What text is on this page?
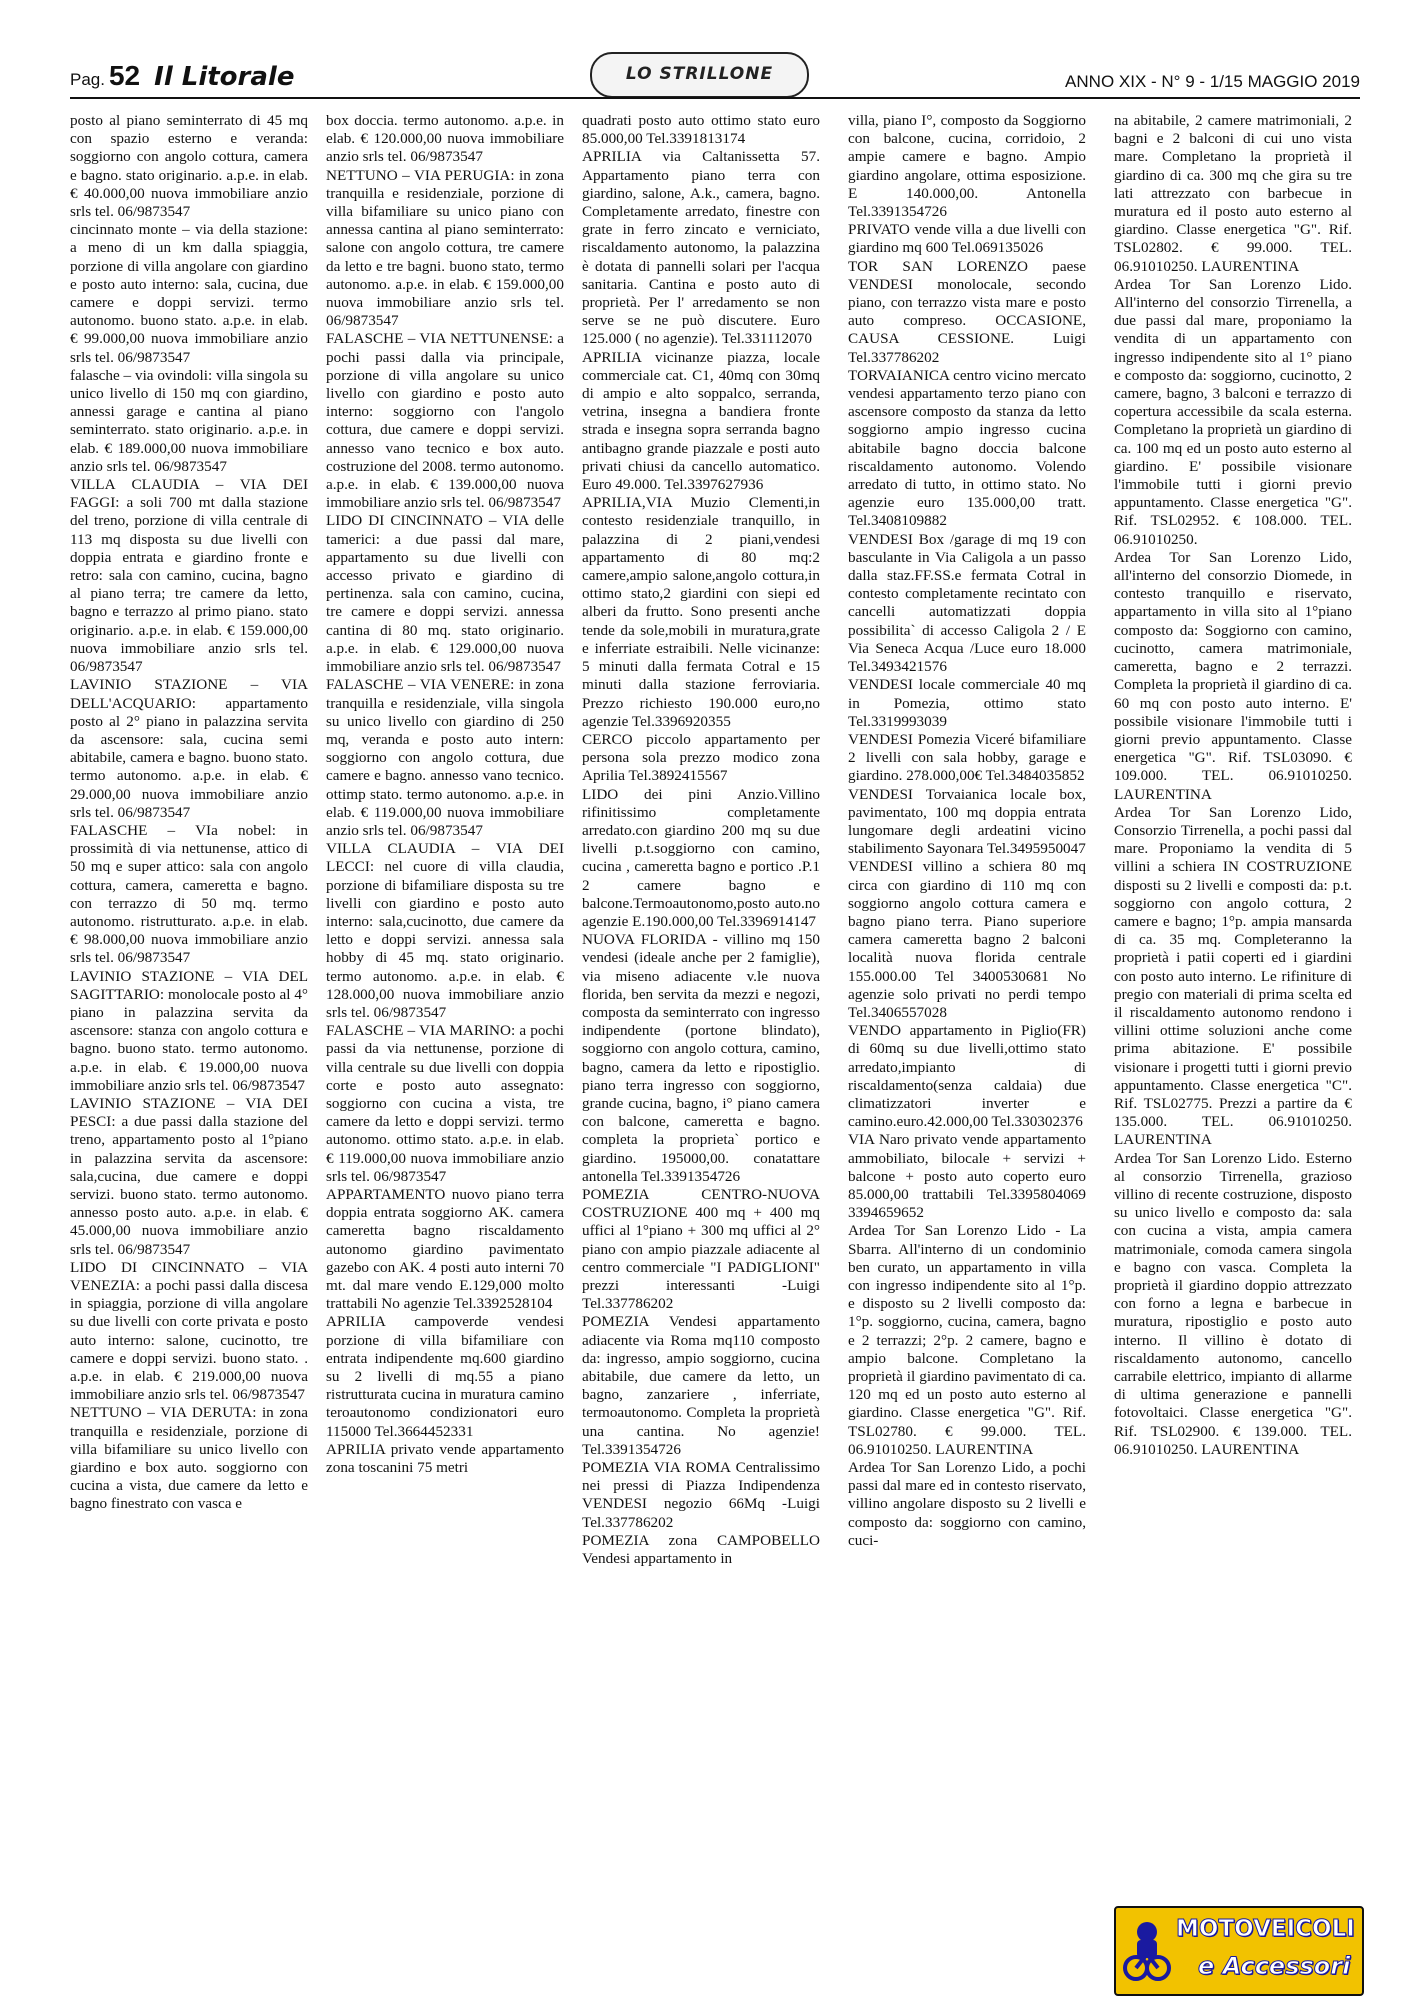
Pag. 52 Il Litorale	LO STRILLONE	ANNO XIX - N° 9 - 1/15 MAGGIO 2019

posto al piano seminterrato di 45 mq con spazio esterno e veranda: soggiorno con angolo cottura, camera e bagno. stato originario. a.p.e. in elab. € 40.000,00 nuova immobiliare anzio srls tel. 06/9873547

cincinnato monte – via della stazione: a meno di un km dalla spiaggia, porzione di villa angolare con giardino e posto auto interno: sala, cucina, due camere e doppi servizi. termo autonomo. buono stato. a.p.e. in elab. € 99.000,00 nuova immobiliare anzio srls tel. 06/9873547

falasche – via ovindoli: villa singola su unico livello di 150 mq con giardino, annessi garage e cantina al piano seminterrato. stato originario. a.p.e. in elab. € 189.000,00 nuova immobiliare anzio srls tel. 06/9873547

VILLA CLAUDIA – VIA DEI FAGGI: a soli 700 mt dalla stazione del treno, porzione di villa centrale di 113 mq disposta su due livelli con doppia entrata e giardino fronte e retro: sala con camino, cucina, bagno al piano terra; tre camere da letto, bagno e terrazzo al primo piano. stato originario. a.p.e. in elab. € 159.000,00 nuova immobiliare anzio srls tel. 06/9873547

LAVINIO STAZIONE – VIA DELL'ACQUARIO: appartamento posto al 2° piano in palazzina servita da ascensore: sala, cucina semi abitabile, camera e bagno. buono stato. termo autonomo. a.p.e. in elab. € 29.000,00 nuova immobiliare anzio srls tel. 06/9873547

FALASCHE – VIa nobel: in prossimità di via nettunense, attico di 50 mq e super attico: sala con angolo cottura, camera, cameretta e bagno. con terrazzo di 50 mq. termo autonomo. ristrutturato. a.p.e. in elab. € 98.000,00 nuova immobiliare anzio srls tel. 06/9873547

LAVINIO STAZIONE – VIA DEL SAGITTARIO: monolocale posto al 4° piano in palazzina servita da ascensore: stanza con angolo cottura e bagno. buono stato. termo autonomo. a.p.e. in elab. € 19.000,00 nuova immobiliare anzio srls tel. 06/9873547

LAVINIO STAZIONE – VIA DEI PESCI: a due passi dalla stazione del treno, appartamento posto al 1°piano in palazzina servita da ascensore: sala,cucina, due camere e doppi servizi. buono stato. termo autonomo. annesso posto auto. a.p.e. in elab. € 45.000,00 nuova immobiliare anzio srls tel. 06/9873547

LIDO DI CINCINNATO – VIA VENEZIA: a pochi passi dalla discesa in spiaggia, porzione di villa angolare su due livelli con corte privata e posto auto interno: salone, cucinotto, tre camere e doppi servizi. buono stato. . a.p.e. in elab. € 219.000,00 nuova immobiliare anzio srls tel. 06/9873547

NETTUNO – VIA DERUTA: in zona tranquilla e residenziale, porzione di villa bifamiliare su unico livello con giardino e box auto. soggiorno con cucina a vista, due camere da letto e bagno finestrato con vasca e

box doccia. termo autonomo. a.p.e. in elab. € 120.000,00 nuova immobiliare anzio srls tel. 06/9873547

NETTUNO – VIA PERUGIA: in zona tranquilla e residenziale, porzione di villa bifamiliare su unico piano con annessa cantina al piano seminterrato: salone con angolo cottura, tre camere da letto e tre bagni. buono stato, termo autonomo. a.p.e. in elab. € 159.000,00 nuova immobiliare anzio srls tel. 06/9873547

FALASCHE – VIA NETTUNENSE: a pochi passi dalla via principale, porzione di villa angolare su unico livello con giardino e posto auto interno: soggiorno con l'angolo cottura, due camere e doppi servizi. annesso vano tecnico e box auto. costruzione del 2008. termo autonomo. a.p.e. in elab. € 139.000,00 nuova immobiliare anzio srls tel. 06/9873547

LIDO DI CINCINNATO – VIA delle tamerici: a due passi dal mare, appartamento su due livelli con accesso privato e giardino di pertinenza. sala con camino, cucina, tre camere e doppi servizi. annessa cantina di 80 mq. stato originario. a.p.e. in elab. € 129.000,00 nuova immobiliare anzio srls tel. 06/9873547

FALASCHE – VIA VENERE: in zona tranquilla e residenziale, villa singola su unico livello con giardino di 250 mq, veranda e posto auto intern: soggiorno con angolo cottura, due camere e bagno. annesso vano tecnico. ottimp stato. termo autonomo. a.p.e. in elab. € 119.000,00 nuova immobiliare anzio srls tel. 06/9873547

VILLA CLAUDIA – VIA DEI LECCI: nel cuore di villa claudia, porzione di bifamiliare disposta su tre livelli con giardino e posto auto interno: sala,cucinotto, due camere da letto e doppi servizi. annessa sala hobby di 45 mq. stato originario. termo autonomo. a.p.e. in elab. € 128.000,00 nuova immobiliare anzio srls tel. 06/9873547

FALASCHE – VIA MARINO: a pochi passi da via nettunense, porzione di villa centrale su due livelli con doppia corte e posto auto assegnato: soggiorno con cucina a vista, tre camere da letto e doppi servizi. termo autonomo. ottimo stato. a.p.e. in elab. € 119.000,00 nuova immobiliare anzio srls tel. 06/9873547

APPARTAMENTO nuovo piano terra doppia entrata soggiorno AK. camera cameretta bagno riscaldamento autonomo giardino pavimentato gazebo con AK. 4 posti auto interni 70 mt. dal mare vendo E.129,000 molto trattabili No agenzie Tel.3392528104

APRILIA campoverde vendesi porzione di villa bifamiliare con entrata indipendente mq.600 giardino su 2 livelli di mq.55 a piano ristrutturata cucina in muratura camino teroautonomo condizionatori euro 115000 Tel.3664452331

APRILIA privato vende appartamento zona toscanini 75 metri

quadrati posto auto ottimo stato euro 85.000,00 Tel.3391813174

APRILIA via Caltanissetta 57. Appartamento piano terra con giardino, salone, A.k., camera, bagno. Completamente arredato, finestre con grate in ferro zincato e verniciato, riscaldamento autonomo, la palazzina è dotata di pannelli solari per l'acqua sanitaria. Cantina e posto auto di proprietà. Per l' arredamento se non serve se ne può discutere. Euro 125.000 ( no agenzie). Tel.331112070

APRILIA vicinanze piazza, locale commerciale cat. C1, 40mq con 30mq di ampio e alto soppalco, serranda, vetrina, insegna a bandiera fronte strada e insegna sopra serranda bagno antibagno grande piazzale e posti auto privati chiusi da cancello automatico. Euro 49.000. Tel.3397627936

APRILIA,VIA Muzio Clementi,in contesto residenziale tranquillo, in palazzina di 2 piani,vendesi appartamento di 80 mq:2 camere,ampio salone,angolo cottura,in ottimo stato,2 giardini con siepi ed alberi da frutto. Sono presenti anche tende da sole,mobili in muratura,grate e inferriate estraibili. Nelle vicinanze: 5 minuti dalla fermata Cotral e 15 minuti dalla stazione ferroviaria. Prezzo richiesto 190.000 euro,no agenzie Tel.3396920355

CERCO piccolo appartamento per persona sola prezzo modico zona Aprilia Tel.3892415567

LIDO dei pini Anzio.Villino rifinitissimo completamente arredato.con giardino 200 mq su due livelli p.t.soggiorno con camino, cucina , cameretta bagno e portico .P.1 2 camere bagno e balcone.Termoautonomo,posto auto.no agenzie E.190.000,00 Tel.3396914147

NUOVA FLORIDA - villino mq 150 vendesi (ideale anche per 2 famiglie), via miseno adiacente v.le nuova florida, ben servita da mezzi e negozi, composta da seminterrato con ingresso indipendente (portone blindato), soggiorno con angolo cottura, camino, bagno, camera da letto e ripostiglio. piano terra ingresso con soggiorno, grande cucina, bagno, i° piano camera con balcone, cameretta e bagno. completa la proprieta` portico e giardino. 195000,00. conatattare antonella Tel.3391354726

POMEZIA CENTRO-NUOVA COSTRUZIONE 400 mq + 400 mq uffici al 1°piano + 300 mq uffici al 2° piano con ampio piazzale adiacente al centro commerciale "I PADIGLIONI" prezzi interessanti -Luigi Tel.337786202

POMEZIA Vendesi appartamento adiacente via Roma mq110 composto da: ingresso, ampio soggiorno, cucina abitabile, due camere da letto, un bagno, zanzariere , inferriate, termoautonomo. Completa la proprietà una cantina. No agenzie! Tel.3391354726

POMEZIA VIA ROMA Centralissimo nei pressi di Piazza Indipendenza VENDESI negozio 66Mq -Luigi Tel.337786202

POMEZIA zona CAMPOBELLO Vendesi appartamento in

villa, piano I°, composto da Soggiorno con balcone, cucina, corridoio, 2 ampie camere e bagno. Ampio giardino angolare, ottima esposizione. E 140.000,00. Antonella Tel.3391354726

PRIVATO vende villa a due livelli con giardino mq 600 Tel.069135026

TOR SAN LORENZO paese VENDESI monolocale, secondo piano, con terrazzo vista mare e posto auto compreso. OCCASIONE, CAUSA CESSIONE. Luigi Tel.337786202

TORVAIANICA centro vicino mercato vendesi appartamento terzo piano con ascensore composto da stanza da letto soggiorno ampio ingresso cucina abitabile bagno doccia balcone riscaldamento autonomo. Volendo arredato di tutto, in ottimo stato. No agenzie euro 135.000,00 tratt. Tel.3408109882

VENDESI Box /garage di mq 19 con basculante in Via Caligola a un passo dalla staz.FF.SS.e fermata Cotral in contesto completamente recintato con cancelli automatizzati doppia possibilita` di accesso Caligola 2 / E Via Seneca Acqua /Luce euro 18.000 Tel.3493421576

VENDESI locale commerciale 40 mq in Pomezia, ottimo stato Tel.3319993039

VENDESI Pomezia Viceré bifamiliare 2 livelli con sala hobby, garage e giardino. 278.000,00€ Tel.3484035852

VENDESI Torvaianica locale box, pavimentato, 100 mq doppia entrata lungomare degli ardeatini vicino stabilimento Sayonara Tel.3495950047

VENDESI villino a schiera 80 mq circa con giardino di 110 mq con soggiorno angolo cottura camera e bagno piano terra. Piano superiore camera cameretta bagno 2 balconi località nuova florida centrale 155.000.00 Tel 3400530681 No agenzie solo privati no perdi tempo Tel.3406557028

VENDO appartamento in Piglio(FR) di 60mq su due livelli,ottimo stato arredato,impianto di riscaldamento(senza caldaia) due climatizzatori inverter e camino.euro.42.000,00 Tel.330302376

VIA Naro privato vende appartamento ammobiliato, bilocale + servizi + balcone + posto auto coperto euro 85.000,00 trattabili Tel.3395804069 3394659652

Ardea Tor San Lorenzo Lido - La Sbarra. All'interno di un condominio ben curato, un appartamento in villa con ingresso indipendente sito al 1°p. e disposto su 2 livelli composto da: 1°p. soggiorno, cucina, camera, bagno e 2 terrazzi; 2°p. 2 camere, bagno e ampio balcone. Completano la proprietà il giardino pavimentato di ca. 120 mq ed un posto auto esterno al giardino. Classe energetica "G". Rif. TSL02780. € 99.000. TEL. 06.91010250. LAURENTINA

Ardea Tor San Lorenzo Lido, a pochi passi dal mare ed in contesto riservato, villino angolare disposto su 2 livelli e composto da: soggiorno con camino, cuci-

na abitabile, 2 camere matrimoniali, 2 bagni e 2 balconi di cui uno vista mare. Completano la proprietà il giardino di ca. 300 mq che gira su tre lati attrezzato con barbecue in muratura ed il posto auto esterno al giardino. Classe energetica "G". Rif. TSL02802. € 99.000. TEL. 06.91010250. LAURENTINA

Ardea Tor San Lorenzo Lido. All'interno del consorzio Tirrenella, a due passi dal mare, proponiamo la vendita di un appartamento con ingresso indipendente sito al 1° piano e composto da: soggiorno, cucinotto, 2 camere, bagno, 3 balconi e terrazzo di copertura accessibile da scala esterna. Completano la proprietà un giardino di ca. 100 mq ed un posto auto esterno al giardino. E' possibile visionare l'immobile tutti i giorni previo appuntamento. Classe energetica "G". Rif. TSL02952. € 108.000. TEL. 06.91010250.

Ardea Tor San Lorenzo Lido, all'interno del consorzio Diomede, in contesto tranquillo e riservato, appartamento in villa sito al 1°piano composto da: Soggiorno con camino, cucinotto, camera matrimoniale, cameretta, bagno e 2 terrazzi. Completa la proprietà il giardino di ca. 60 mq con posto auto interno. E' possibile visionare l'immobile tutti i giorni previo appuntamento. Classe energetica "G". Rif. TSL03090. € 109.000. TEL. 06.91010250. LAURENTINA

Ardea Tor San Lorenzo Lido, Consorzio Tirrenella, a pochi passi dal mare. Proponiamo la vendita di 5 villini a schiera IN COSTRUZIONE disposti su 2 livelli e composti da: p.t. soggiorno con angolo cottura, 2 camere e bagno; 1°p. ampia mansarda di ca. 35 mq. Completeranno la proprietà i patii coperti ed i giardini con posto auto interno. Le rifiniture di pregio con materiali di prima scelta ed il riscaldamento autonomo rendono i villini ottime soluzioni anche come prima abitazione. E' possibile visionare i progetti tutti i giorni previo appuntamento. Classe energetica "C". Rif. TSL02775. Prezzi a partire da € 135.000. TEL. 06.91010250. LAURENTINA

Ardea Tor San Lorenzo Lido. Esterno al consorzio Tirrenella, grazioso villino di recente costruzione, disposto su unico livello e composto da: sala con cucina a vista, ampia camera matrimoniale, comoda camera singola e bagno con vasca. Completa la proprietà il giardino doppio attrezzato con forno a legna e barbecue in muratura, ripostiglio e posto auto interno. Il villino è dotato di riscaldamento autonomo, cancello carrabile elettrico, impianto di allarme di ultima generazione e pannelli fotovoltaici. Classe energetica "G". Rif. TSL02900. € 139.000. TEL. 06.91010250. LAURENTINA

MOTOVEICOLI
e Accessori
